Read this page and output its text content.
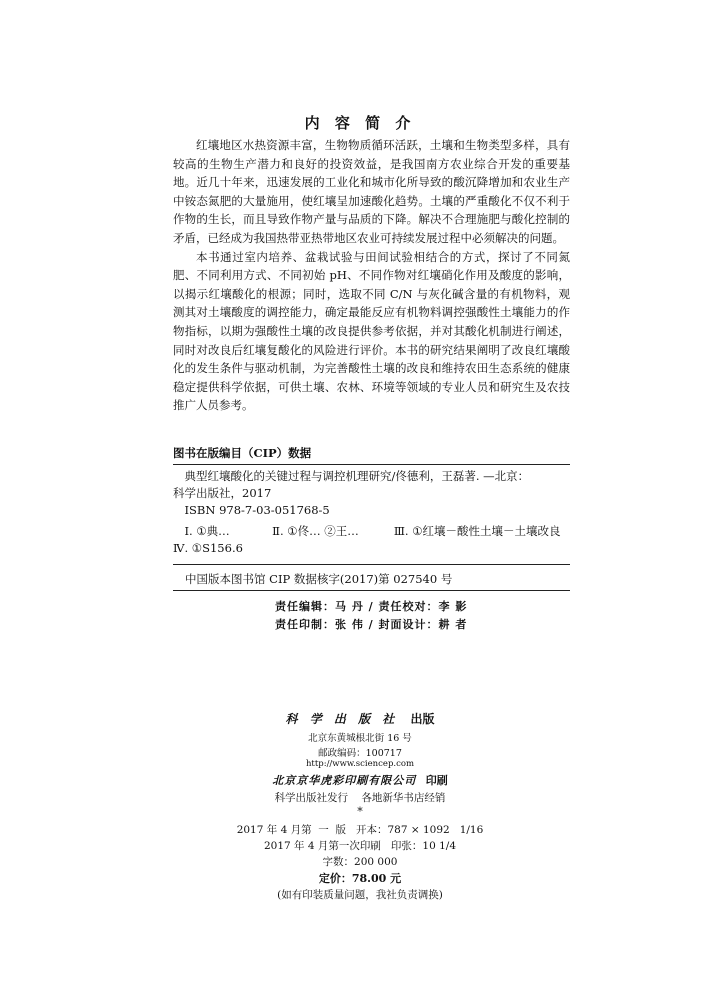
内 容 简 介

红壤地区水热资源丰富，生物物质循环活跃，土壤和生物类型多样，具有较高的生物生产潜力和良好的投资效益，是我国南方农业综合开发的重要基地。近几十年来，迅速发展的工业化和城市化所导致的酸沉降增加和农业生产中铵态氮肥的大量施用，使红壤呈加速酸化趋势。土壤的严重酸化不仅不利于作物的生长，而且导致作物产量与品质的下降。解决不合理施肥与酸化控制的矛盾，已经成为我国热带亚热带地区农业可持续发展过程中必须解决的问题。

本书通过室内培养、盆栽试验与田间试验相结合的方式，探讨了不同氮肥、不同利用方式、不同初始 pH、不同作物对红壤硝化作用及酸度的影响，以揭示红壤酸化的根源；同时，选取不同 C/N 与灰化碱含量的有机物料，观测其对土壤酸度的调控能力，确定最能反应有机物料调控强酸性土壤能力的作物指标，以期为强酸性土壤的改良提供参考依据，并对其酸化机制进行阐述，同时对改良后红壤复酸化的风险进行评价。本书的研究结果阐明了改良红壤酸化的发生条件与驱动机制，为完善酸性土壤的改良和维持农田生态系统的健康稳定提供科学依据，可供土壤、农林、环境等领域的专业人员和研究生及农技推广人员参考。

图书在版编目（CIP）数据
典型红壤酸化的关键过程与调控机理研究/佟德利，王磊著. —北京：
科学出版社，2017
ISBN 978-7-03-051768-5
Ⅰ. ①典…	Ⅱ. ①佟… ②王…	Ⅲ. ①红壤－酸性土壤－土壤改良
Ⅳ. ①S156.6
中国版本图书馆 CIP 数据核字(2017)第 027540 号
责任编辑：马 丹 / 责任校对：李 影
责任印制：张 伟 / 封面设计：耕 者
科 学 出 版 社 出版
北京东黄城根北街 16 号
邮政编码：100717
http://www.sciencep.com
北京京华虎彩印刷有限公司 印刷
科学出版社发行    各地新华书店经销
*
2017 年 4 月第  一  版   开本：787 × 1092   1/16
2017 年 4 月第一次印刷   印张：10 1/4
字数：200 000
定价：78.00 元
(如有印装质量问题，我社负责调换)
